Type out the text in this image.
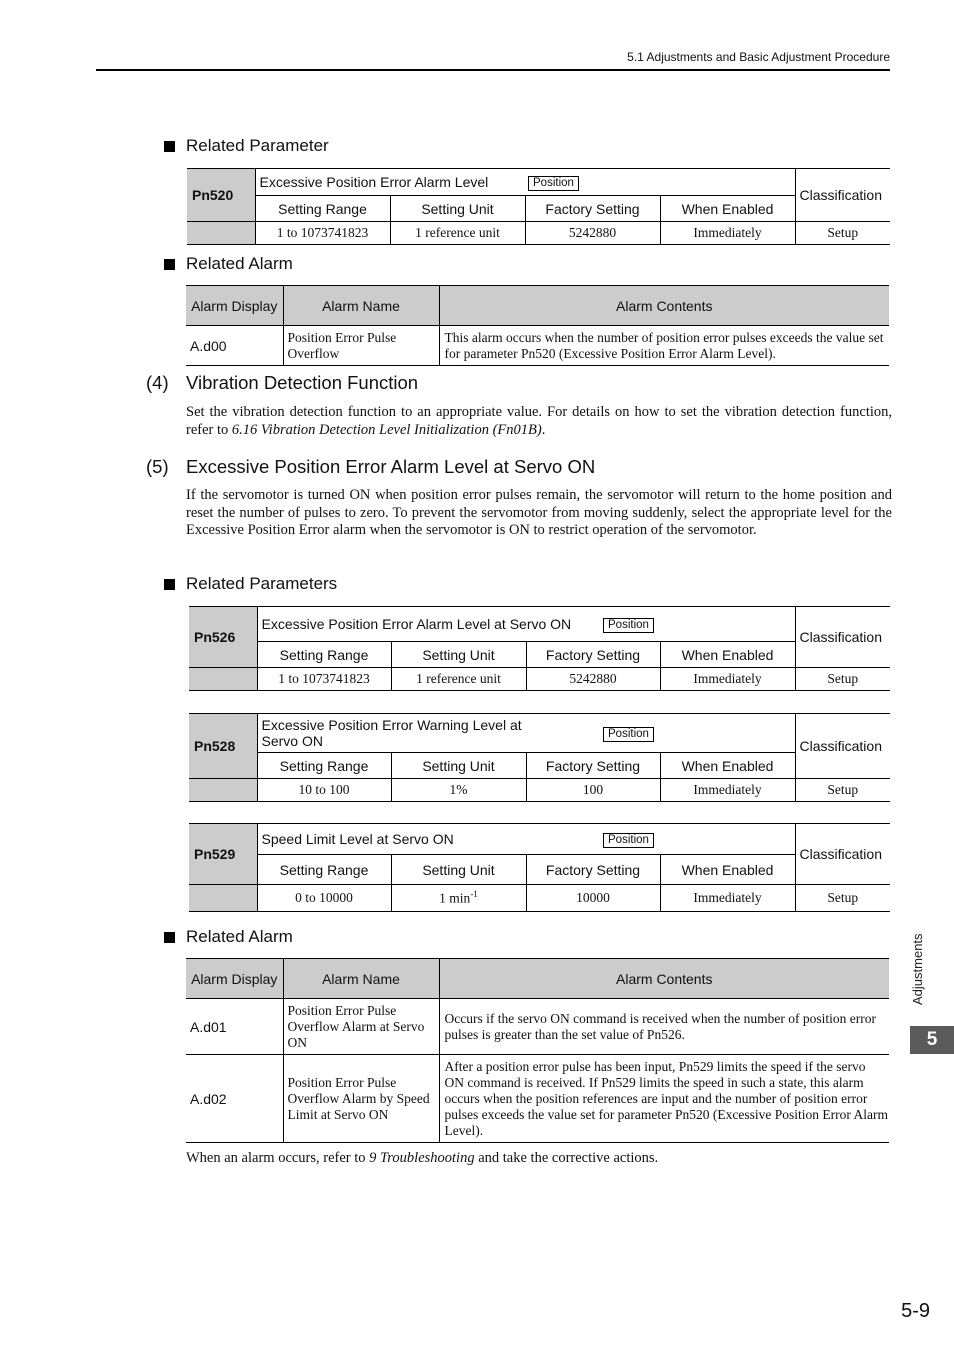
5.1 Adjustments and Basic Adjustment Procedure
Related Parameter
Pn520	Excessive Position Error Alarm Level		Position		Classification
	Setting Range	Setting Unit	Factory Setting	When Enabled	
	1 to 1073741823	1 reference unit	5242880	Immediately	Setup
Related Alarm
Alarm Display	Alarm Name	Alarm Contents
A.d00	Position Error Pulse Overflow	This alarm occurs when the number of position error pulses exceeds the value set for parameter Pn520 (Excessive Position Error Alarm Level).
(4) Vibration Detection Function
Set the vibration detection function to an appropriate value. For details on how to set the vibration detection function, refer to 6.16 Vibration Detection Level Initialization (Fn01B).
(5) Excessive Position Error Alarm Level at Servo ON
If the servomotor is turned ON when position error pulses remain, the servomotor will return to the home position and reset the number of pulses to zero. To prevent the servomotor from moving suddenly, select the appropriate level for the Excessive Position Error alarm when the servomotor is ON to restrict operation of the servomotor.
Related Parameters
Pn526	Excessive Position Error Alarm Level at Servo ON			Position	Classification
	Setting Range	Setting Unit	Factory Setting	When Enabled	
	1 to 1073741823	1 reference unit	5242880	Immediately	Setup
Pn528	Excessive Position Error Warning Level at Servo ON		Position		Classification
	Setting Range	Setting Unit	Factory Setting	When Enabled	
	10 to 100	1%	100	Immediately	Setup
Pn529	Speed Limit Level at Servo ON		Position		Classification
	Setting Range	Setting Unit	Factory Setting	When Enabled	
	0 to 10000	1 $\min^{-1}$	10000	Immediately	Setup
Related Alarm
Alarm Display	Alarm Name	Alarm Contents
A.d01	Position Error Pulse Overflow Alarm at Servo ON	Occurs if the servo ON command is received when the number of position error pulses is greater than the set value of Pn526.
A.d02	Position Error Pulse Overflow Alarm by Speed Limit at Servo ON	After a position error pulse has been input, Pn529 limits the speed if the servo ON command is received. If Pn529 limits the speed in such a state, this alarm occurs when the position references are input and the number of position error pulses exceeds the value set for parameter Pn520 (Excessive Position Error Alarm Level).
When an alarm occurs, refer to 9 Troubleshooting and take the corrective actions.
Adjustments
5
5-9
